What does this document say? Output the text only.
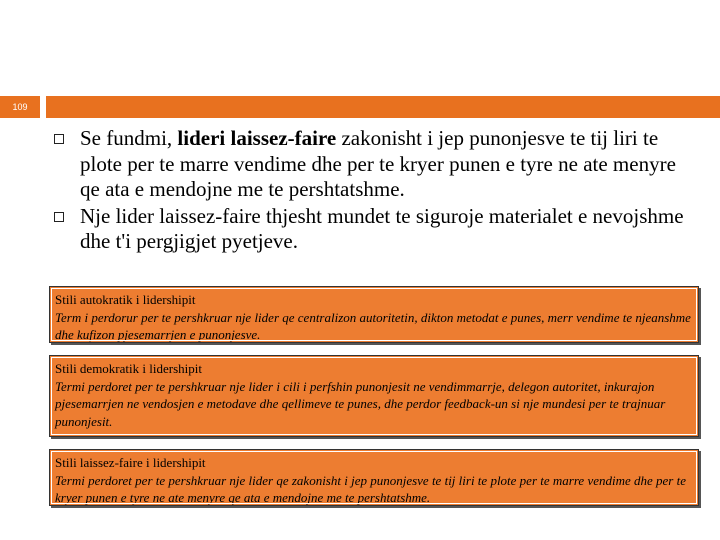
109
Se fundmi, lideri laissez-faire zakonisht i jep punonjesve te tij liri te plote per te marre vendime dhe per te kryer punen e tyre ne ate menyre qe ata e mendojne me te pershtatshme.
Nje lider laissez-faire thjesht mundet te siguroje materialet e nevojshme dhe t'i pergjigjet pyetjeve.
Stili autokratik i lidershipit
Term i perdorur per te pershkruar nje lider qe centralizon autoritetin, dikton metodat e punes, merr vendime te njeanshme dhe kufizon pjesemarrjen e punonjesve.
Stili demokratik i lidershipit
Termi perdoret per te pershkruar nje lider i cili i perfshin punonjesit ne vendimmarrje, delegon autoritet, inkurajon pjesemarrjen ne vendosjen e metodave dhe qellimeve te punes, dhe perdor feedback-un si nje mundesi per te trajnuar punonjesit.
Stili laissez-faire i lidershipit
Termi perdoret per te pershkruar nje lider qe zakonisht i jep punonjesve te tij liri te plote per te marre vendime dhe per te kryer punen e tyre ne ate menyre qe ata e mendojne me te pershtatshme.
